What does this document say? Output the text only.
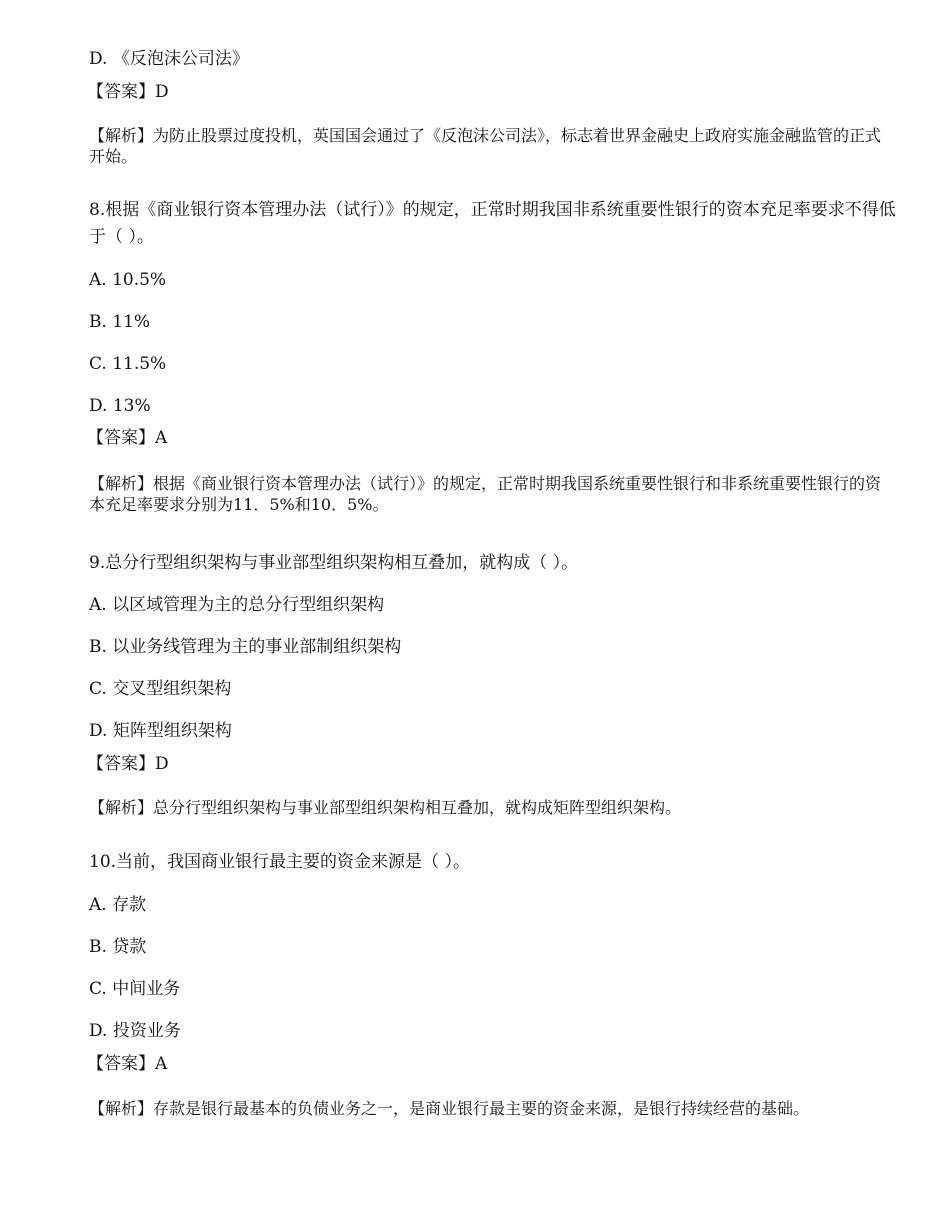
D. 《反泡沫公司法》

【答案】D

【解析】为防止股票过度投机，英国国会通过了《反泡沫公司法》，标志着世界金融史上政府实施金融监管的正式开始。

8.根据《商业银行资本管理办法（试行）》的规定，正常时期我国非系统重要性银行的资本充足率要求不得低于（ ）。

A. 10.5%

B. 11%

C. 11.5%

D. 13%

【答案】A

【解析】根据《商业银行资本管理办法（试行）》的规定，正常时期我国系统重要性银行和非系统重要性银行的资本充足率要求分别为11．5%和10．5%。

9.总分行型组织架构与事业部型组织架构相互叠加，就构成（ ）。

A. 以区域管理为主的总分行型组织架构

B. 以业务线管理为主的事业部制组织架构

C. 交叉型组织架构

D. 矩阵型组织架构

【答案】D

【解析】总分行型组织架构与事业部型组织架构相互叠加，就构成矩阵型组织架构。

10.当前，我国商业银行最主要的资金来源是（ ）。

A. 存款

B. 贷款

C. 中间业务

D. 投资业务

【答案】A

【解析】存款是银行最基本的负债业务之一，是商业银行最主要的资金来源，是银行持续经营的基础。
